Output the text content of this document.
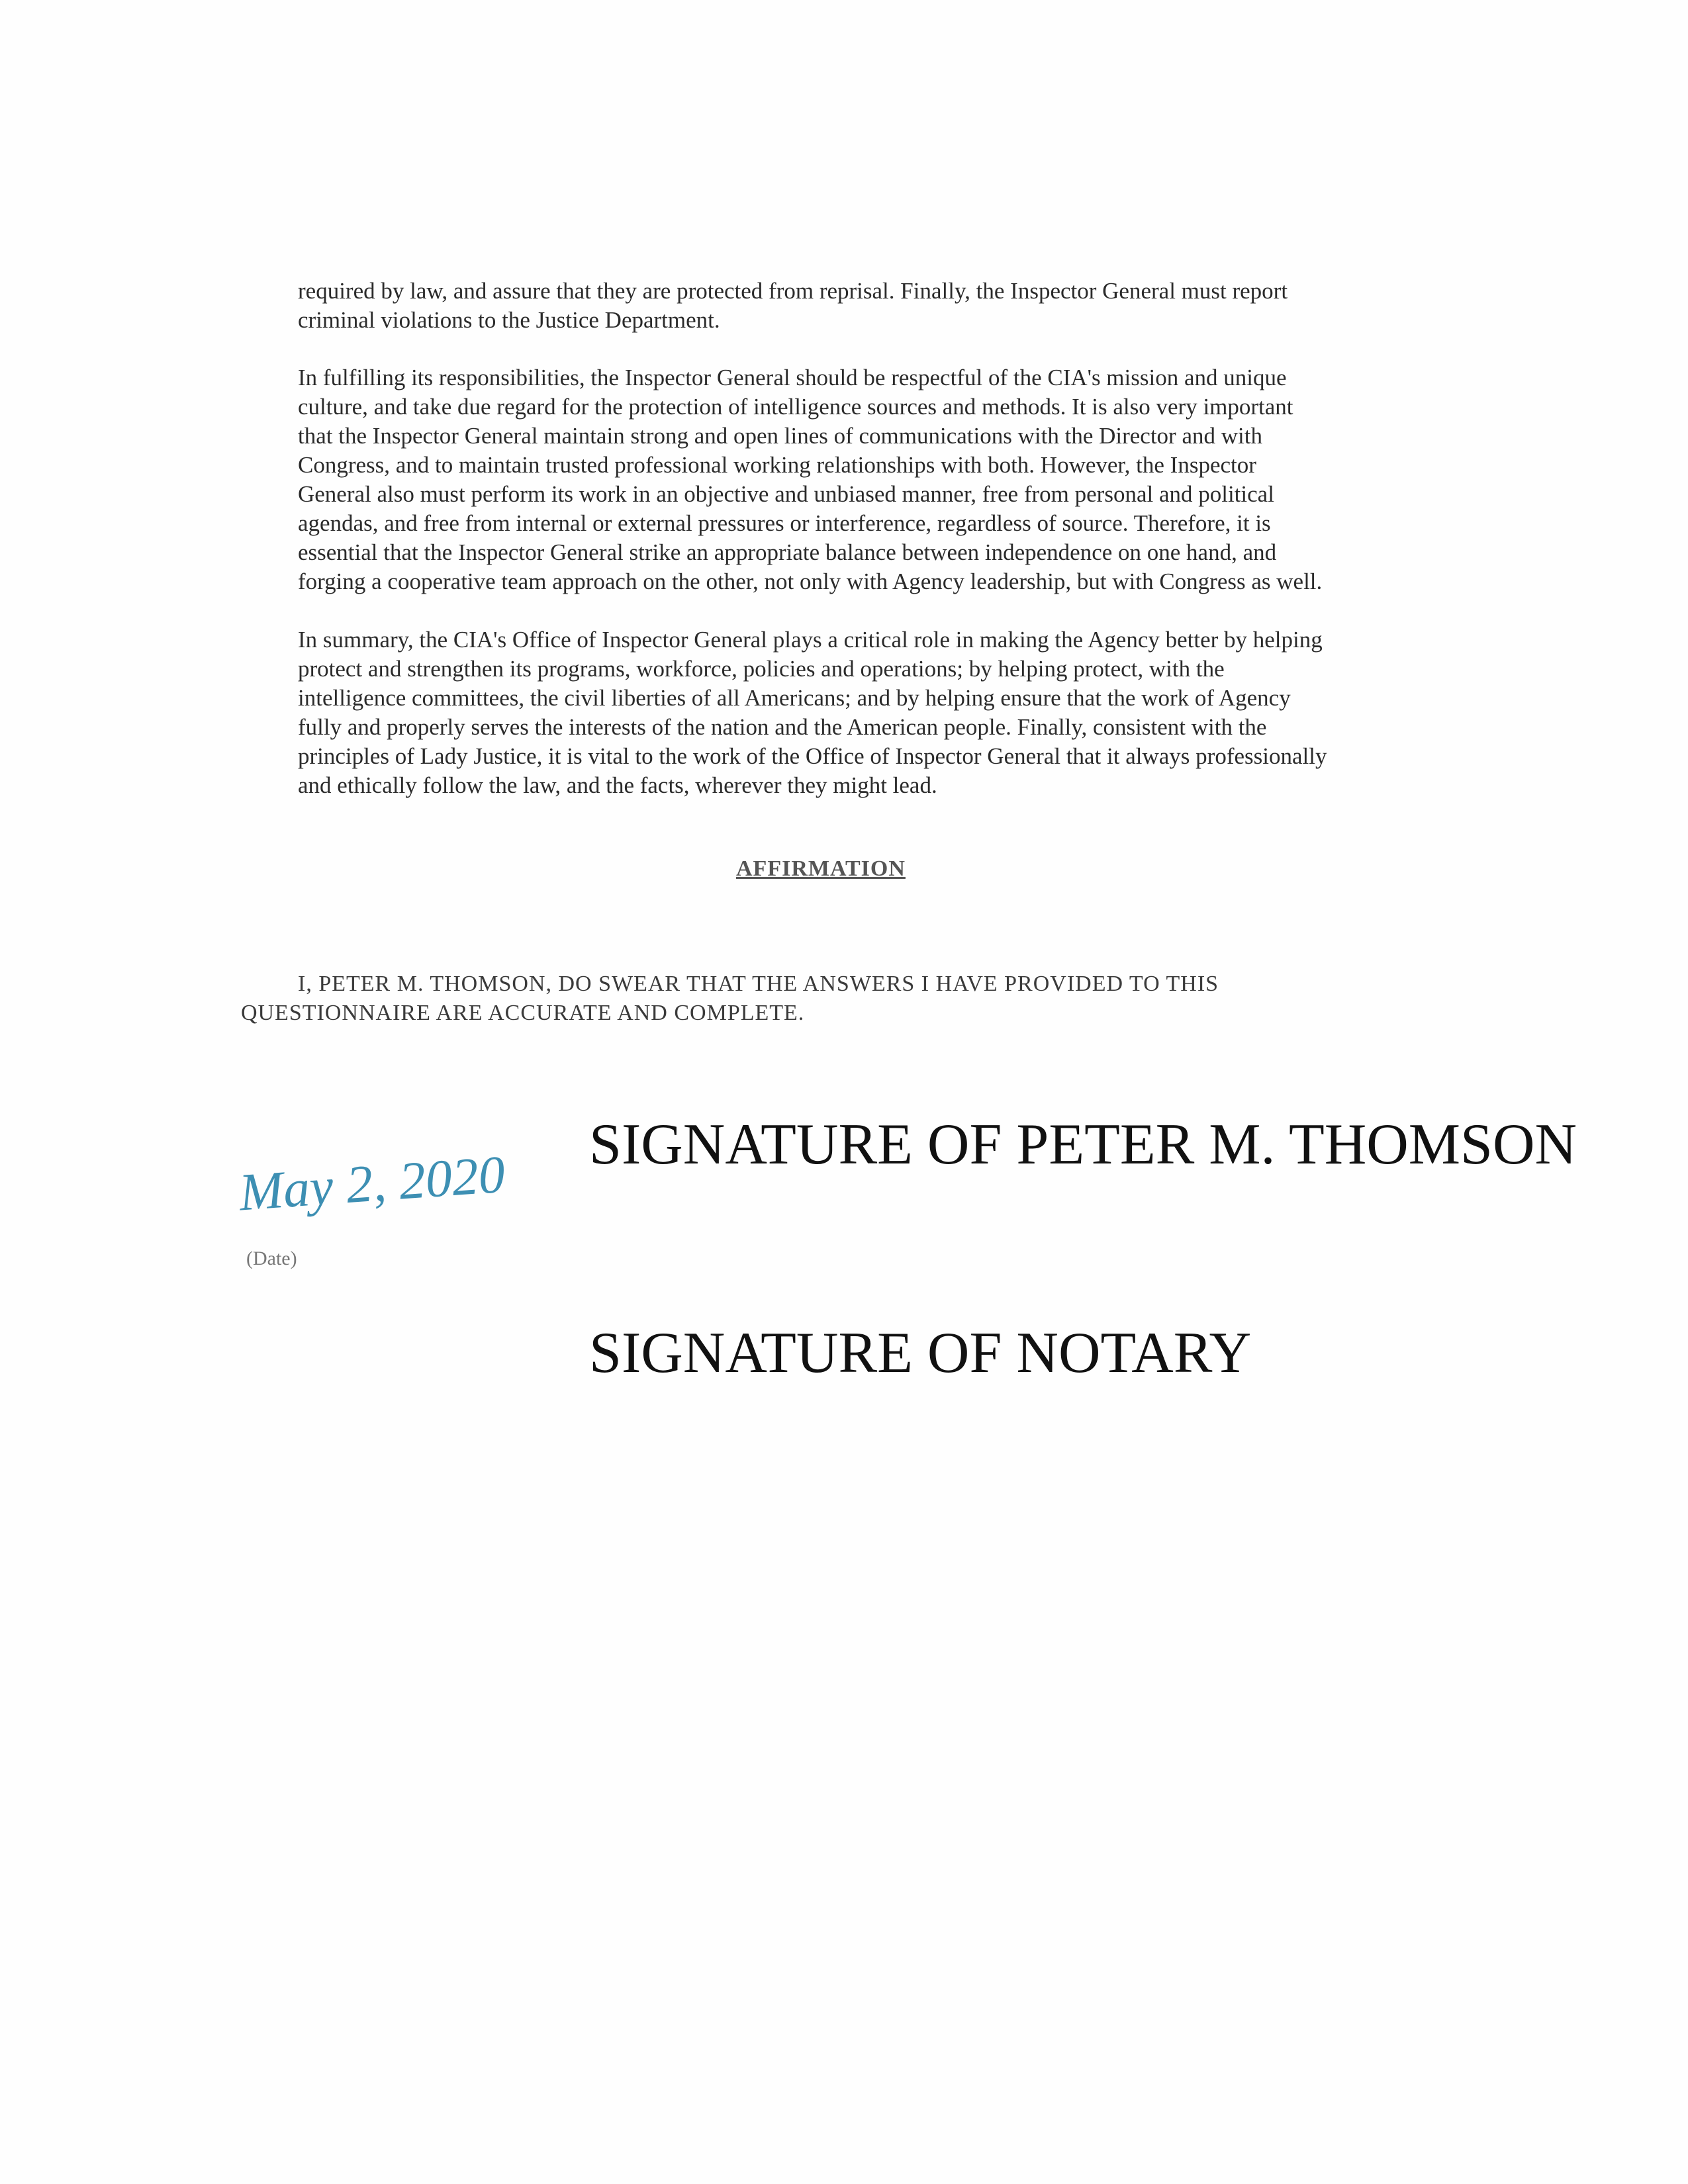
required by law, and assure that they are protected from reprisal. Finally, the Inspector General must report
criminal violations to the Justice Department.
In fulfilling its responsibilities, the Inspector General should be respectful of the CIA's mission and unique
culture, and take due regard for the protection of intelligence sources and methods. It is also very important
that the Inspector General maintain strong and open lines of communications with the Director and with
Congress, and to maintain trusted professional working relationships with both. However, the Inspector
General also must perform its work in an objective and unbiased manner, free from personal and political
agendas, and free from internal or external pressures or interference, regardless of source. Therefore, it is
essential that the Inspector General strike an appropriate balance between independence on one hand, and
forging a cooperative team approach on the other, not only with Agency leadership, but with Congress as well.
In summary, the CIA's Office of Inspector General plays a critical role in making the Agency better by helping
protect and strengthen its programs, workforce, policies and operations; by helping protect, with the
intelligence committees, the civil liberties of all Americans; and by helping ensure that the work of Agency
fully and properly serves the interests of the nation and the American people. Finally, consistent with the
principles of Lady Justice, it is vital to the work of the Office of Inspector General that it always professionally
and ethically follow the law, and the facts, wherever they might lead.
AFFIRMATION
I, PETER M. THOMSON, DO SWEAR THAT THE ANSWERS I HAVE PROVIDED TO THIS
QUESTIONNAIRE ARE ACCURATE AND COMPLETE.
May 2, 2020
(Date)
SIGNATURE OF PETER M. THOMSON
SIGNATURE OF NOTARY
